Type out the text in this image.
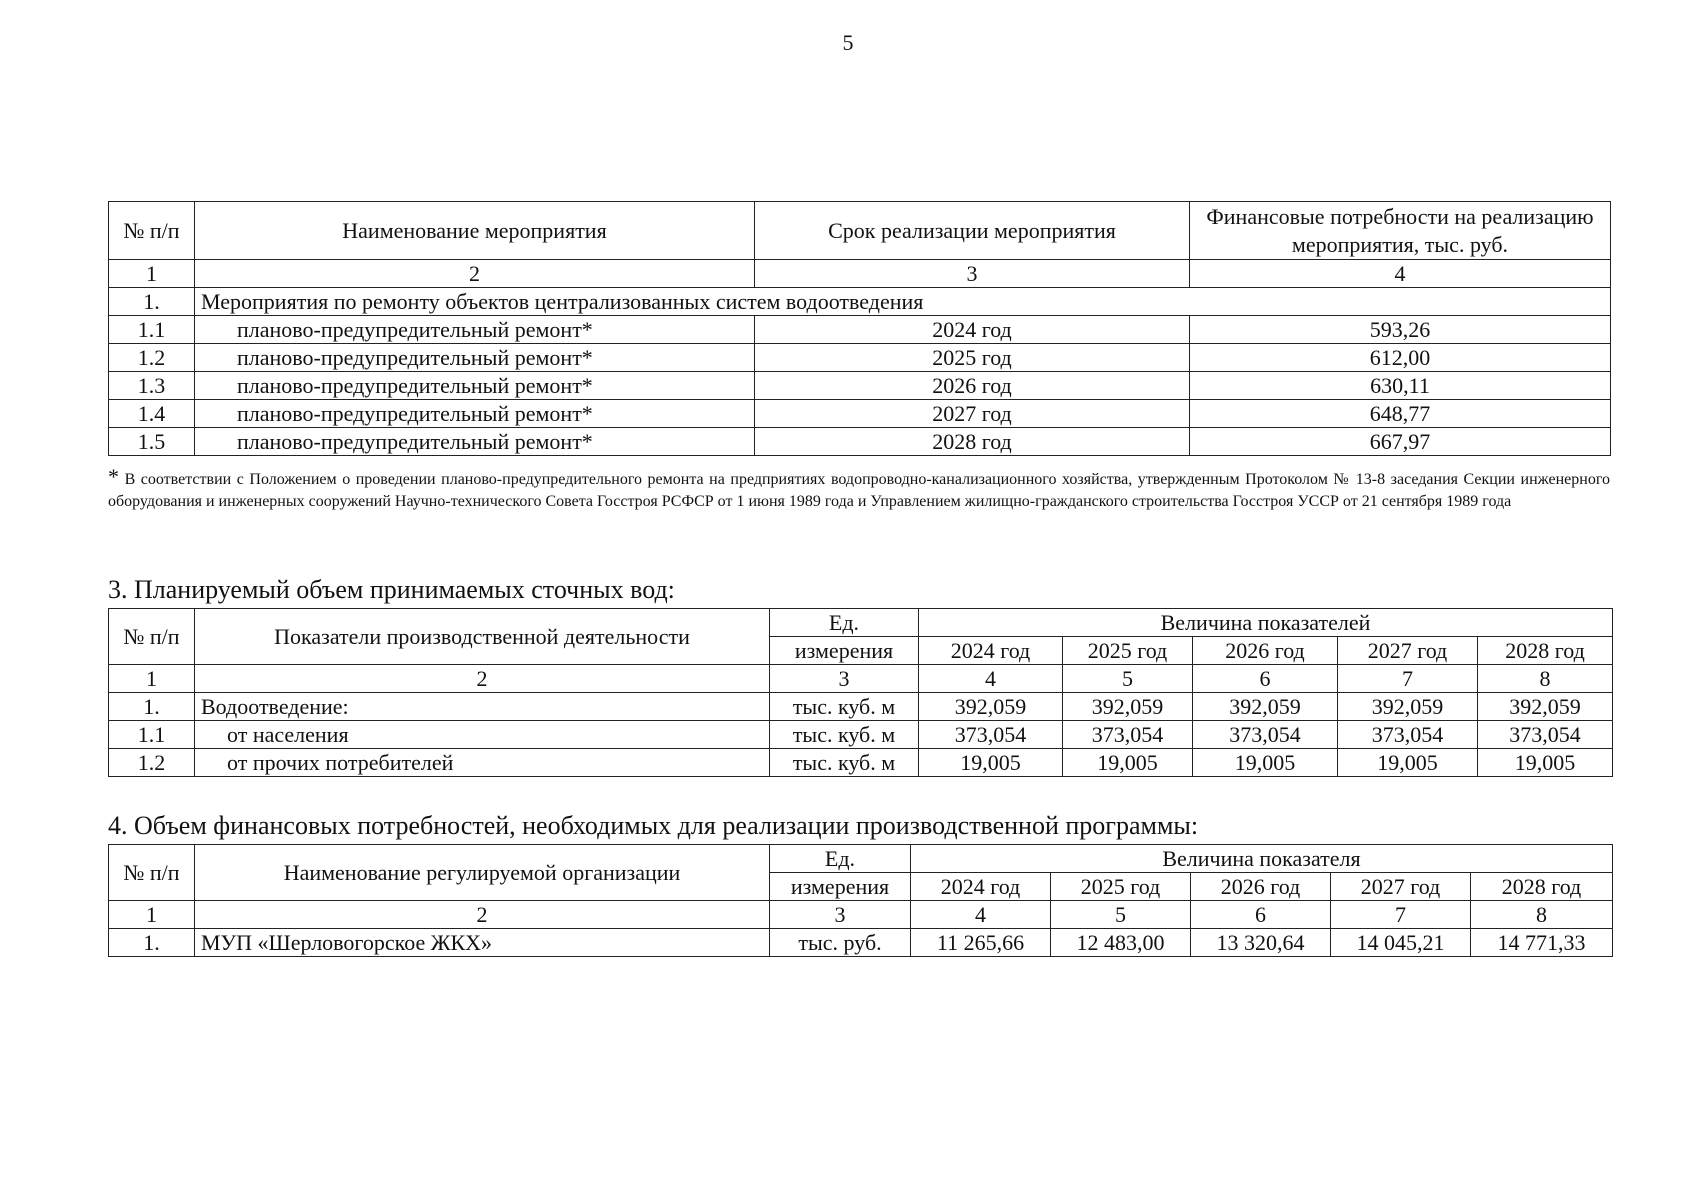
5
№ п/п	Наименование мероприятия	Срок реализации мероприятия	Финансовые потребности на реализацию мероприятия, тыс. руб.
1	2	3	4
1.	Мероприятия по ремонту объектов централизованных систем водоотведения		
1.1	планово-предупредительный ремонт*	2024 год	593,26
1.2	планово-предупредительный ремонт*	2025 год	612,00
1.3	планово-предупредительный ремонт*	2026 год	630,11
1.4	планово-предупредительный ремонт*	2027 год	648,77
1.5	планово-предупредительный ремонт*	2028 год	667,97
* В соответствии с Положением о проведении планово-предупредительного ремонта на предприятиях водопроводно-канализационного хозяйства, утвержденным Протоколом № 13-8 заседания Секции инженерного оборудования и инженерных сооружений Научно-технического Совета Госстроя РСФСР от 1 июня 1989 года и Управлением жилищно-гражданского строительства Госстроя УССР от 21 сентября 1989 года
3. Планируемый объем принимаемых сточных вод:
№ п/п	Показатели производственной деятельности	Ед.	Величина показателей				
		измерения	2024 год	2025 год	2026 год	2027 год	2028 год
1	2	3	4	5	6	7	8
1.	Водоотведение:	тыс. куб. м	392,059	392,059	392,059	392,059	392,059
1.1	от населения	тыс. куб. м	373,054	373,054	373,054	373,054	373,054
1.2	от прочих потребителей	тыс. куб. м	19,005	19,005	19,005	19,005	19,005
4. Объем финансовых потребностей, необходимых для реализации производственной программы:
№ п/п	Наименование регулируемой организации	Ед.	Величина показателя				
		измерения	2024 год	2025 год	2026 год	2027 год	2028 год
1	2	3	4	5	6	7	8
1.	МУП «Шерловогорское ЖКХ»	тыс. руб.	11 265,66	12 483,00	13 320,64	14 045,21	14 771,33
